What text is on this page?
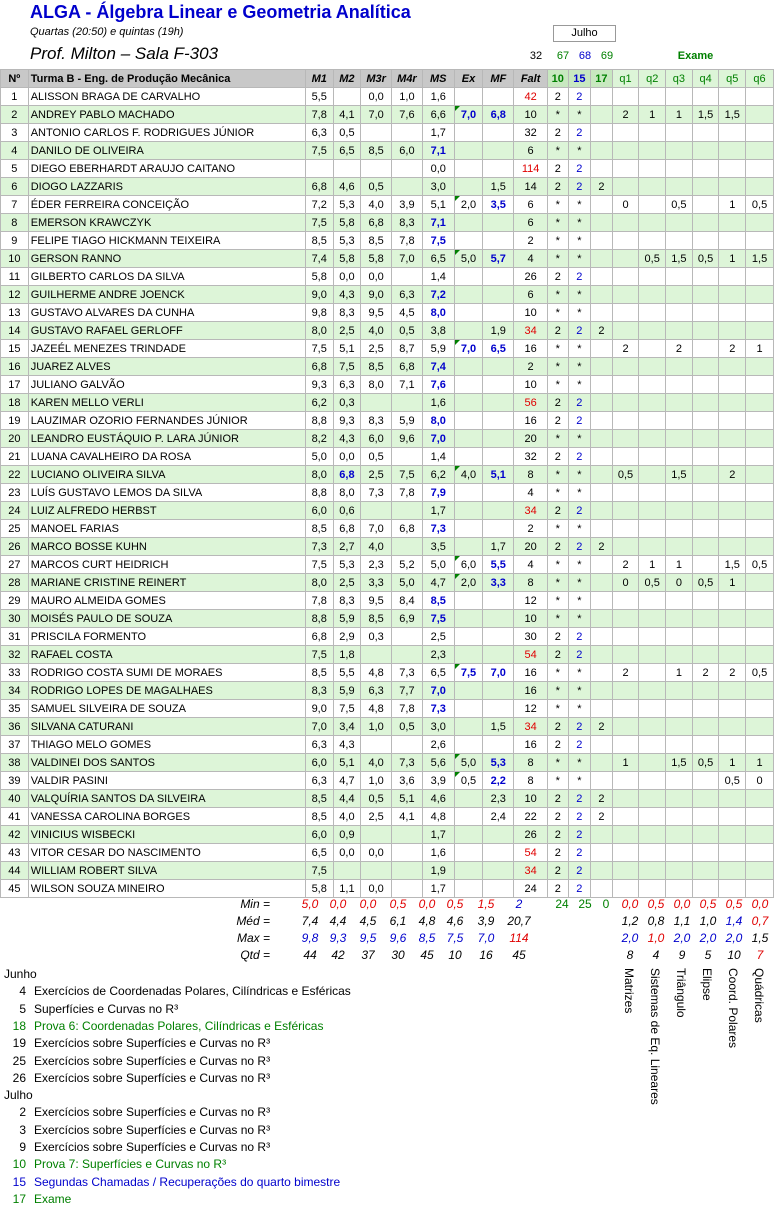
ALGA - Álgebra Linear e Geometria Analítica
Quartas (20:50) e quintas (19h)
Prof. Milton – Sala F-303
Julho
32	67 68 69	Exame
Nº	Turma B - Eng. de Produção Mecânica	M1	M2	M3r	M4r	MS	Ex	MF	Falt	10	15	17	q1	q2	q3	q4	q5	q6
1	ALISSON BRAGA DE CARVALHO	5,5		0,0	1,0	1,6			42	2	2							
2	ANDREY PABLO MACHADO	7,8	4,1	7,0	7,6	6,6	7,0	6,8	10	*	*		2	1	1	1,5	1,5	
3	ANTONIO CARLOS F. RODRIGUES JÚNIOR	6,3	0,5			1,7			32	2	2							
4	DANILO DE OLIVEIRA	7,5	6,5	8,5	6,0	7,1			6	*	*							
5	DIEGO EBERHARDT ARAUJO CAITANO					0,0			114	2	2							
6	DIOGO LAZZARIS	6,8	4,6	0,5		3,0		1,5	14	2	2	2						
7	ÉDER FERREIRA CONCEIÇÃO	7,2	5,3	4,0	3,9	5,1	2,0	3,5	6	*	*		0		0,5		1	0,5
8	EMERSON KRAWCZYK	7,5	5,8	6,8	8,3	7,1			6	*	*							
9	FELIPE TIAGO HICKMANN TEIXEIRA	8,5	5,3	8,5	7,8	7,5			2	*	*							
10	GERSON RANNO	7,4	5,8	5,8	7,0	6,5	5,0	5,7	4	*	*			0,5	1,5	0,5	1	1,5
11	GILBERTO CARLOS DA SILVA	5,8	0,0	0,0		1,4			26	2	2							
12	GUILHERME ANDRE JOENCK	9,0	4,3	9,0	6,3	7,2			6	*	*							
13	GUSTAVO ALVARES DA CUNHA	9,8	8,3	9,5	4,5	8,0			10	*	*							
14	GUSTAVO RAFAEL GERLOFF	8,0	2,5	4,0	0,5	3,8		1,9	34	2	2	2						
15	JAZEÉL MENEZES TRINDADE	7,5	5,1	2,5	8,7	5,9	7,0	6,5	16	*	*		2		2		2	1
16	JUAREZ ALVES	6,8	7,5	8,5	6,8	7,4			2	*	*							
17	JULIANO GALVÃO	9,3	6,3	8,0	7,1	7,6			10	*	*							
18	KAREN MELLO VERLI	6,2	0,3			1,6			56	2	2							
19	LAUZIMAR OZORIO FERNANDES JÚNIOR	8,8	9,3	8,3	5,9	8,0			16	2	2							
20	LEANDRO EUSTÁQUIO P. LARA JÚNIOR	8,2	4,3	6,0	9,6	7,0			20	*	*							
21	LUANA CAVALHEIRO DA ROSA	5,0	0,0	0,5		1,4			32	2	2							
22	LUCIANO OLIVEIRA SILVA	8,0	6,8	2,5	7,5	6,2	4,0	5,1	8	*	*		0,5		1,5		2	
23	LUÍS GUSTAVO LEMOS DA SILVA	8,8	8,0	7,3	7,8	7,9			4	*	*							
24	LUIZ ALFREDO HERBST	6,0	0,6			1,7			34	2	2							
25	MANOEL FARIAS	8,5	6,8	7,0	6,8	7,3			2	*	*							
26	MARCO BOSSE KUHN	7,3	2,7	4,0		3,5		1,7	20	2	2	2						
27	MARCOS CURT HEIDRICH	7,5	5,3	2,3	5,2	5,0	6,0	5,5	4	*	*		2	1	1		1,5	0,5
28	MARIANE CRISTINE REINERT	8,0	2,5	3,3	5,0	4,7	2,0	3,3	8	*	*		0	0,5	0	0,5	1	
29	MAURO ALMEIDA GOMES	7,8	8,3	9,5	8,4	8,5			12	*	*							
30	MOISÉS PAULO DE SOUZA	8,8	5,9	8,5	6,9	7,5			10	*	*							
31	PRISCILA FORMENTO	6,8	2,9	0,3		2,5			30	2	2							
32	RAFAEL COSTA	7,5	1,8			2,3			54	2	2							
33	RODRIGO COSTA SUMI DE MORAES	8,5	5,5	4,8	7,3	6,5	7,5	7,0	16	*	*		2		1	2	2	0,5
34	RODRIGO LOPES DE MAGALHAES	8,3	5,9	6,3	7,7	7,0			16	*	*							
35	SAMUEL SILVEIRA DE SOUZA	9,0	7,5	4,8	7,8	7,3			12	*	*							
36	SILVANA CATURANI	7,0	3,4	1,0	0,5	3,0		1,5	34	2	2	2						
37	THIAGO MELO GOMES	6,3	4,3			2,6			16	2	2							
38	VALDINEI DOS SANTOS	6,0	5,1	4,0	7,3	5,6	5,0	5,3	8	*	*		1		1,5	0,5	1	1
39	VALDIR PASINI	6,3	4,7	1,0	3,6	3,9	0,5	2,2	8	*	*						0,5	0
40	VALQUÍRIA SANTOS DA SILVEIRA	8,5	4,4	0,5	5,1	4,6		2,3	10	2	2	2						
41	VANESSA CAROLINA BORGES	8,5	4,0	2,5	4,1	4,8		2,4	22	2	2	2						
42	VINICIUS WISBECKI	6,0	0,9			1,7			26	2	2							
43	VITOR CESAR DO NASCIMENTO	6,5	0,0	0,0		1,6			54	2	2							
44	WILLIAM ROBERT SILVA	7,5				1,9			34	2	2							
45	WILSON SOUZA MINEIRO	5,8	1,1	0,0		1,7			24	2	2							
Min =	5,0 0,0	0,0	0,5	0,0 0,5	1,5	2	24 25 0	0,0 0,5 0,0 0,5 0,5 0,0
Méd =	7,4 4,4	4,5	6,1	4,8 4,6	3,9	20,7	1,2 0,8 1,1 1,0 1,4 0,7
Max =	9,8 9,3	9,5	9,6	8,5 7,5	7,0	114	2,0 1,0 2,0 2,0 2,0 1,5
Qtd =	44	42	37	30	45	10	16	45	8	4	9	5	10	7
Junho
4 Exercícios de Coordenadas Polares, Cilíndricas e Esféricas
5 Superfícies e Curvas no R³
18 Prova 6: Coordenadas Polares, Cilíndricas e Esféricas
19 Exercícios sobre Superfícies e Curvas no R³
25 Exercícios sobre Superfícies e Curvas no R³
26 Exercícios sobre Superfícies e Curvas no R³
Julho
2 Exercícios sobre Superfícies e Curvas no R³
3 Exercícios sobre Superfícies e Curvas no R³
9 Exercícios sobre Superfícies e Curvas no R³
10 Prova 7: Superfícies e Curvas no R³
15 Segundas Chamadas / Recuperações do quarto bimestre
17 Exame
Matrizes Sistemas de Eq. Lineares Triângulo Elipse Coord. Polares Quádricas
